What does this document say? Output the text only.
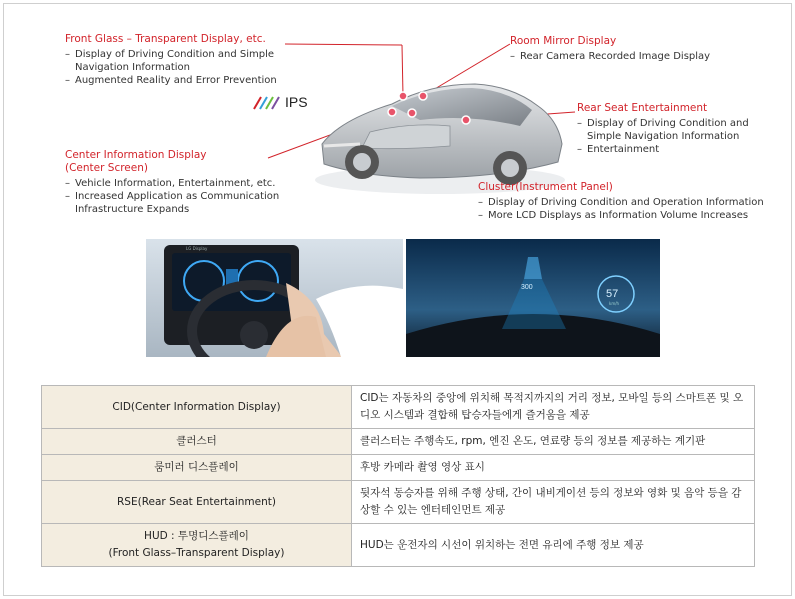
IPS
Front Glass – Transparent Display, etc.
– Display of Driving Condition and Simple
Navigation Information
– Augmented Reality and Error Prevention
Room Mirror Display
– Rear Camera Recorded Image Display
Rear Seat Entertainment
– Display of Driving Condition and
Simple Navigation Information
– Entertainment
Center Information Display
(Center Screen)
– Vehicle Information, Entertainment, etc.
– Increased Application as Communication
Infrastructure Expands
Cluster(Instrument Panel)
– Display of Driving Condition and Operation Information
– More LCD Displays as Information Volume Increases
LG Display
57
km/h
300
CID(Center Information Display)	CID는 자동차의 중앙에 위치해 목적지까지의 거리 정보, 모바일 등의 스마트폰 및 오디오 시스템과 결합해 탑승자들에게 즐거움을 제공

클러스터	클러스터는 주행속도, rpm, 엔진 온도, 연료량 등의 정보를 제공하는 계기판

룸미러 디스플레이	후방 카메라 촬영 영상 표시

RSE(Rear Seat Entertainment)	뒷자석 동승자를 위해 주행 상태, 간이 내비게이션 등의 정보와 영화 및 음악 등을 감상할 수 있는 엔터테인먼트 제공

HUD : 투명디스플레이
(Front Glass–Transparent Display)	HUD는 운전자의 시선이 위치하는 전면 유리에 주행 정보 제공
